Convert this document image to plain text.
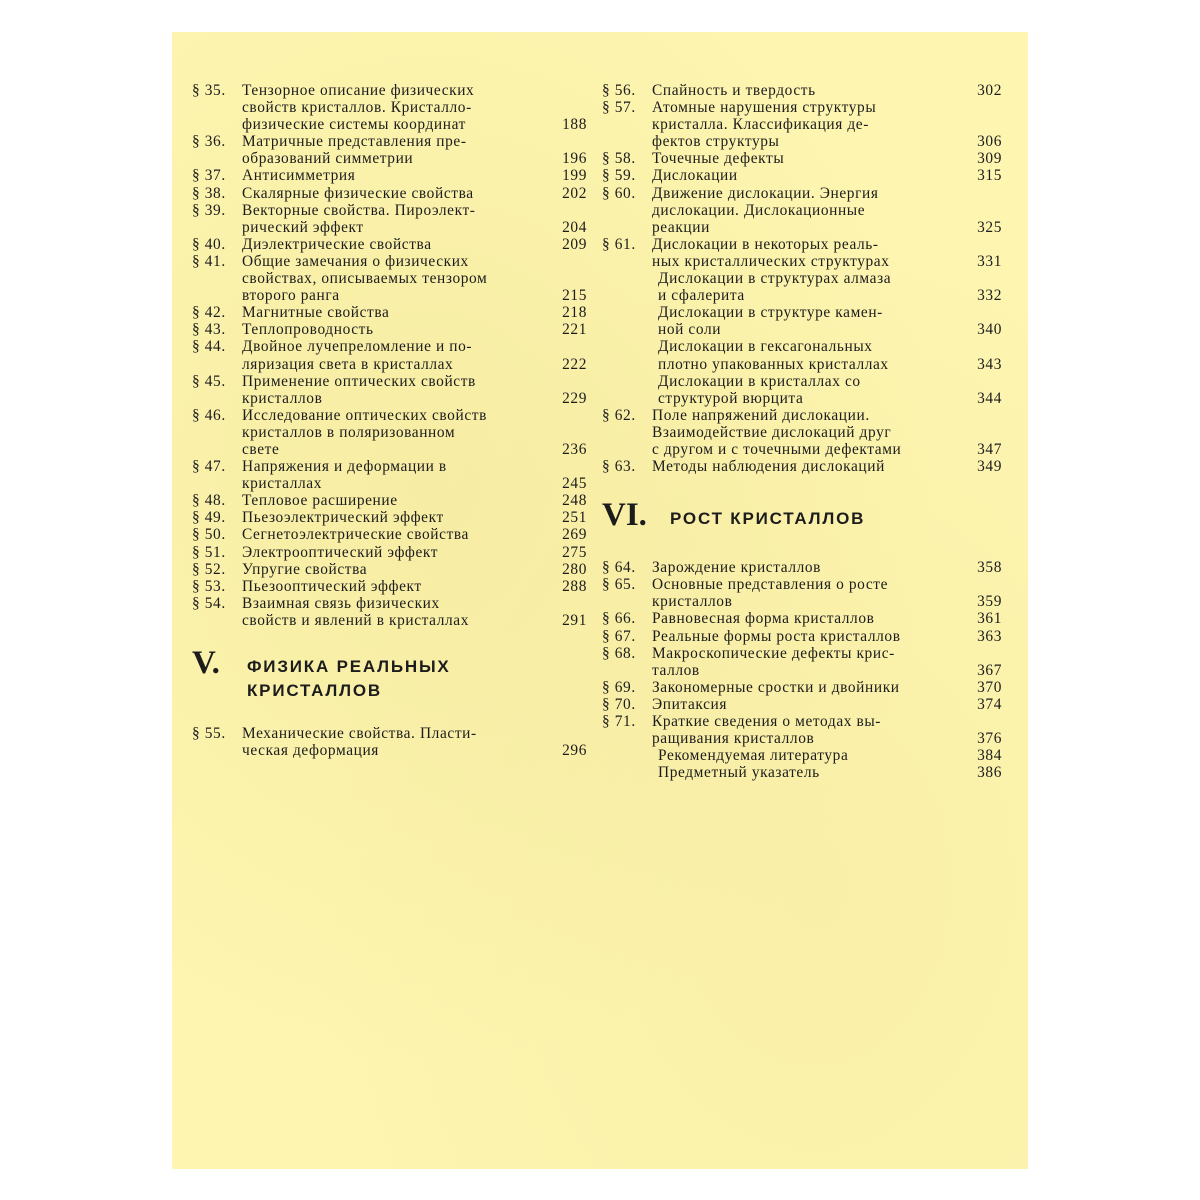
§ 35. Тензорное описание физических
свойств кристаллов. Кристалло-
физические системы координат	188
§ 36. Матричные представления пре-
образований симметрии	196
§ 37. Антисимметрия	199
§ 38. Скалярные физические свойства	202
§ 39. Векторные свойства. Пироэлект-
рический эффект	204
§ 40. Диэлектрические свойства	209
§ 41. Общие замечания о физических
свойствах, описываемых тензором
второго ранга	215
§ 42. Магнитные свойства	218
§ 43. Теплопроводность	221
§ 44. Двойное лучепреломление и по-
ляризация света в кристаллах	222
§ 45. Применение оптических свойств
кристаллов	229
§ 46. Исследование оптических свойств
кристаллов в поляризованном
свете	236
§ 47. Напряжения и деформации в
кристаллах	245
§ 48. Тепловое расширение	248
§ 49. Пьезоэлектрический эффект	251
§ 50. Сегнетоэлектрические свойства	269
§ 51. Электрооптический эффект	275
§ 52. Упругие свойства	280
§ 53. Пьезооптический эффект	288
§ 54. Взаимная связь физических
свойств и явлений в кристаллах	291
V. ФИЗИКА РЕАЛЬНЫХ
КРИСТАЛЛОВ
§ 55. Механические свойства. Пласти-
ческая деформация	296
§ 56. Спайность и твердость	302
§ 57. Атомные нарушения структуры
кристалла. Классификация де-
фектов структуры	306
§ 58. Точечные дефекты	309
§ 59. Дислокации	315
§ 60. Движение дислокации. Энергия
дислокации. Дислокационные
реакции	325
§ 61. Дислокации в некоторых реаль-
ных кристаллических структурах	331
Дислокации в структурах алмаза
и сфалерита	332
Дислокации в структуре камен-
ной соли	340
Дислокации в гексагональных
плотно упакованных кристаллах	343
Дислокации в кристаллах со
структурой вюрцита	344
§ 62. Поле напряжений дислокации.
Взаимодействие дислокаций друг
с другом и с точечными дефектами	347
§ 63. Методы наблюдения дислокаций	349
VI. РОСТ КРИСТАЛЛОВ
§ 64. Зарождение кристаллов	358
§ 65. Основные представления о росте
кристаллов	359
§ 66. Равновесная форма кристаллов	361
§ 67. Реальные формы роста кристаллов	363
§ 68. Макроскопические дефекты крис-
таллов	367
§ 69. Закономерные сростки и двойники	370
§ 70. Эпитаксия	374
§ 71. Краткие сведения о методах вы-
ращивания кристаллов	376
Рекомендуемая литература	384
Предметный указатель	386
